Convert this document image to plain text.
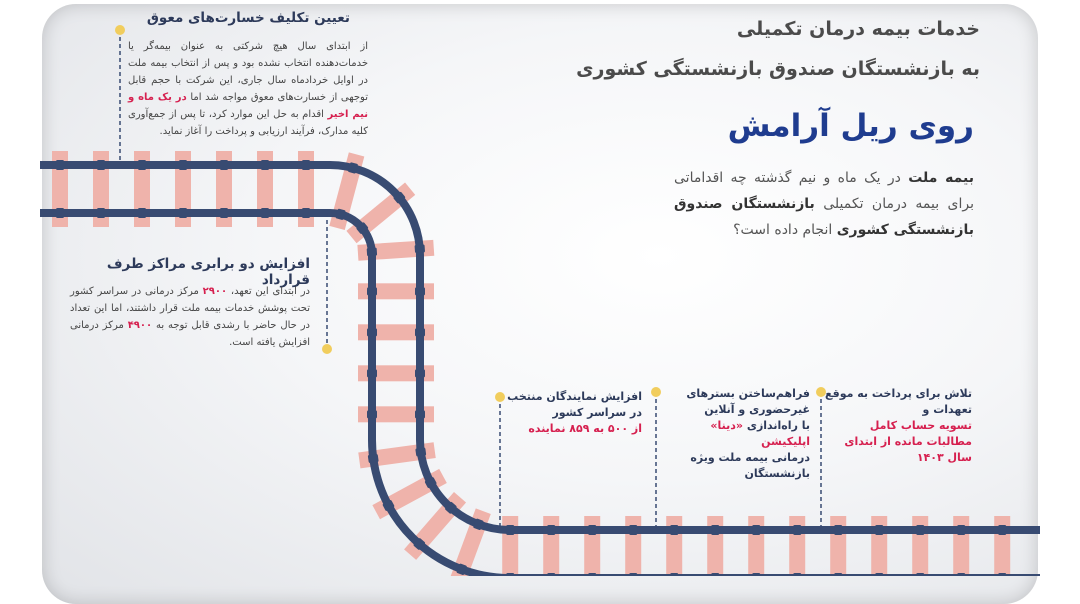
خدمات بیمه درمان تکمیلی
به بازنشستگان صندوق بازنشستگی کشوری
روی ریل آرامش
بیمه ملت در یک ماه و نیم گذشته چه اقداماتی برای بیمه درمان تکمیلی بازنشستگان صندوق بازنشستگی کشوری انجام داده است؟
تعیین تکلیف خسارت‌های معوق
از ابتدای سال هیچ شرکتی به عنوان بیمه‌گر یا خدمات‌دهنده انتخاب نشده بود و پس از انتخاب بیمه ملت در اوایل خردادماه سال جاری، این شرکت با حجم قابل توجهی از خسارت‌های معوق مواجه شد اما در یک ماه و نیم اخیر اقدام به حل این موارد کرد، تا پس از جمع‌آوری کلیه مدارک، فرآیند ارزیابی و پرداخت را آغاز نماید.
افزایش دو برابری مراکز طرف قرارداد
در ابتدای این تعهد، ۲۹۰۰ مرکز درمانی در سراسر کشور تحت پوشش خدمات بیمه ملت قرار داشتند، اما این تعداد در حال حاضر با رشدی قابل توجه به ۴۹۰۰ مرکز درمانی افزایش یافته است.
تلاش برای پرداخت به موقع
تعهدات و
تسویه حساب کامل مطالبات مانده از ابتدای سال ۱۴۰۳
فراهم‌ساختن بسترهای
غیرحضوری و آنلاین
با راه‌اندازی «دینا» اپلیکیشن
درمانی بیمه ملت ویژه بازنشستگان
افزایش نمایندگان منتخب
در سراسر کشور
از ۵۰۰ به ۸۵۹ نماینده
